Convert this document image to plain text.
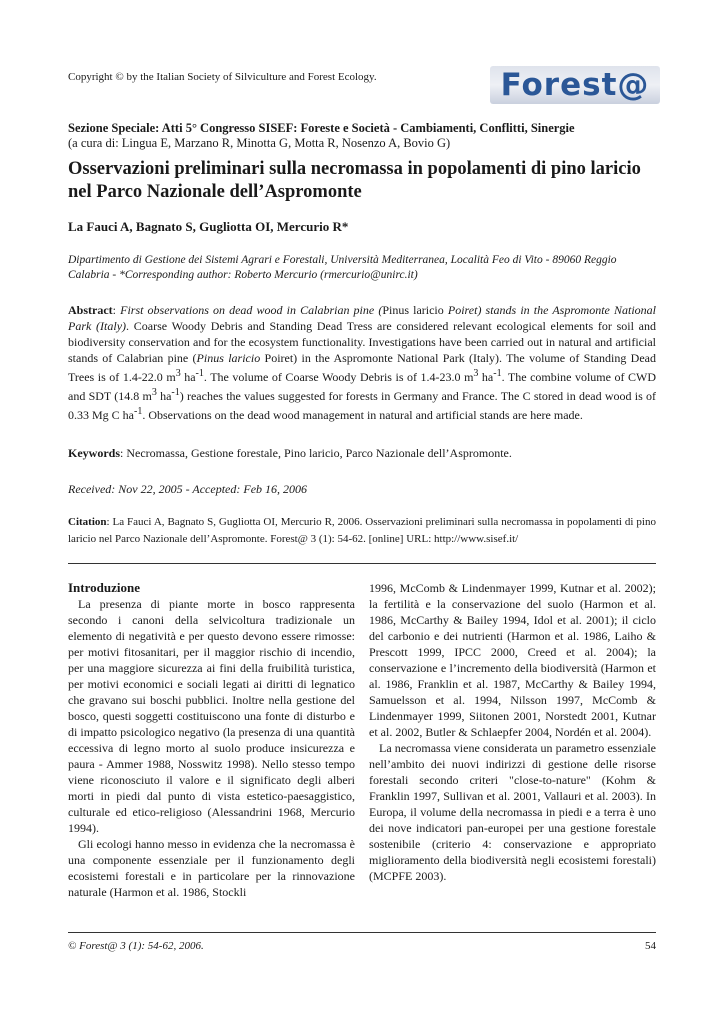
Copyright © by the Italian Society of Silviculture and Forest Ecology.	Forest@
Sezione Speciale: Atti 5° Congresso SISEF: Foreste e Società - Cambiamenti, Conflitti, Sinergie
(a cura di: Lingua E, Marzano R, Minotta G, Motta R, Nosenzo A, Bovio G)
Osservazioni preliminari sulla necromassa in popolamenti di pino laricio nel Parco Nazionale dell’Aspromonte
La Fauci A, Bagnato S, Gugliotta OI, Mercurio R*
Dipartimento di Gestione dei Sistemi Agrari e Forestali, Università Mediterranea, Località Feo di Vito - 89060 Reggio Calabria - *Corresponding author: Roberto Mercurio (rmercurio@unirc.it)
Abstract: First observations on dead wood in Calabrian pine (Pinus laricio Poiret) stands in the Aspromonte National Park (Italy). Coarse Woody Debris and Standing Dead Tress are considered relevant ecological elements for soil and biodiversity conservation and for the ecosystem functionality. Investigations have been carried out in natural and artificial stands of Calabrian pine (Pinus laricio Poiret) in the Aspromonte National Park (Italy). The volume of Standing Dead Trees is of 1.4-22.0 $m^3$ $ha^{-1}$. The volume of Coarse Woody Debris is of 1.4-23.0 $m^3$ $ha^{-1}$. The combine volume of CWD and SDT (14.8 $m^3$ $ha^{-1}$) reaches the values suggested for forests in Germany and France. The C stored in dead wood is of 0.33 Mg C $ha^{-1}$. Observations on the dead wood management in natural and artificial stands are here made.
Keywords: Necromassa, Gestione forestale, Pino laricio, Parco Nazionale dell’Aspromonte.
Received: Nov 22, 2005 - Accepted: Feb 16, 2006
Citation: La Fauci A, Bagnato S, Gugliotta OI, Mercurio R, 2006. Osservazioni preliminari sulla necromassa in popolamenti di pino laricio nel Parco Nazionale dell’Aspromonte. Forest@ 3 (1): 54-62. [online] URL: http://www.sisef.it/
Introduzione

La presenza di piante morte in bosco rappresenta secondo i canoni della selvicoltura tradizionale un elemento di negatività e per questo devono essere rimosse: per motivi fitosanitari, per il maggior rischio di incendio, per una maggiore sicurezza ai fini della fruibilità turistica, per motivi economici e sociali legati ai diritti di legnatico che gravano sui boschi pubblici. Inoltre nella gestione del bosco, questi soggetti costituiscono una fonte di disturbo e di impatto psicologico negativo (la presenza di una quantità eccessiva di legno morto al suolo produce insicurezza e paura - Ammer 1988, Nosswitz 1998). Nello stesso tempo viene riconosciuto il valore e il significato degli alberi morti in piedi dal punto di vista estetico-paesaggistico, culturale ed etico-religioso (Alessandrini 1968, Mercurio 1994).

Gli ecologi hanno messo in evidenza che la necromassa è una componente essenziale per il funzionamento degli ecosistemi forestali e in particolare per la rinnovazione naturale (Harmon et al. 1986, Stockli

1996, McComb & Lindenmayer 1999, Kutnar et al. 2002); la fertilità e la conservazione del suolo (Harmon et al. 1986, McCarthy & Bailey 1994, Idol et al. 2001); il ciclo del carbonio e dei nutrienti (Harmon et al. 1986, Laiho & Prescott 1999, IPCC 2000, Creed et al. 2004); la conservazione e l’incremento della biodiversità (Harmon et al. 1986, Franklin et al. 1987, McCarthy & Bailey 1994, Samuelsson et al. 1994, Nilsson 1997, McComb & Lindenmayer 1999, Siitonen 2001, Norstedt 2001, Kutnar et al. 2002, Butler & Schlaepfer 2004, Nordén et al. 2004).

La necromassa viene considerata un parametro essenziale nell’ambito dei nuovi indirizzi di gestione delle risorse forestali secondo criteri "close-to-nature" (Kohm & Franklin 1997, Sullivan et al. 2001, Vallauri et al. 2003). In Europa, il volume della necromassa in piedi e a terra è uno dei nove indicatori pan-europei per una gestione forestale sostenibile (criterio 4: conservazione e appropriato miglioramento della biodiversità negli ecosistemi forestali) (MCPFE 2003).

© Forest@ 3 (1): 54-62, 2006.	54
